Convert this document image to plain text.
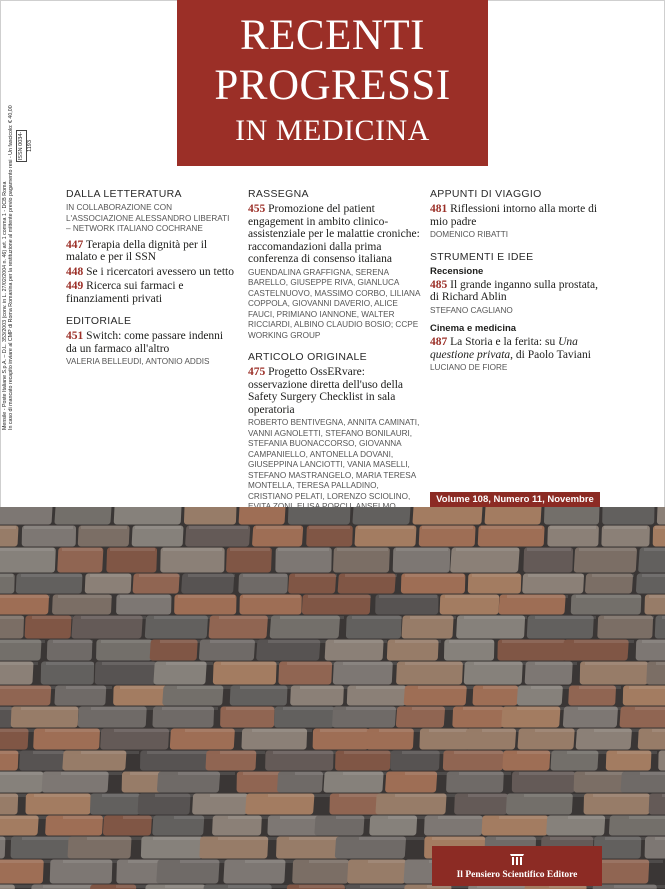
RECENTI
PROGRESSI
IN MEDICINA
Mensile - Poste Italiane S.p.A. – D.L. 353/2003 (conv. in L. 27/02/2004 n. 46) art. 1 comma 1 - DCB Roma In caso di mancato recapito inviare al CMP di Roma Romanina per la restituzione al mittente previo pagamento resi - Un fascicolo: € 40,00 ISSN 0034-1193
DALLA LETTERATURA
IN COLLABORAZIONE CON L'ASSOCIAZIONE ALESSANDRO LIBERATI – NETWORK ITALIANO COCHRANE
447 Terapia della dignità per il malato e per il SSN
448 Se i ricercatori avessero un tetto
449 Ricerca sui farmaci e finanziamenti privati
EDITORIALE
451 Switch: come passare indenni da un farmaco all'altro
VALERIA BELLEUDI, ANTONIO ADDIS
RASSEGNA
455 Promozione del patient engagement in ambito clinico-assistenziale per le malattie croniche: raccomandazioni dalla prima conferenza di consenso italiana
GUENDALINA GRAFFIGNA, SERENA BARELLO, GIUSEPPE RIVA, GIANLUCA CASTELNUOVO, MASSIMO CORBO, LILIANA COPPOLA, GIOVANNI DAVERIO, ALICE FAUCI, PRIMIANO IANNONE, WALTER RICCIARDI, ALBINO CLAUDIO BOSIO; CCPE WORKING GROUP
ARTICOLO ORIGINALE
475 Progetto OssERvare: osservazione diretta dell'uso della Safety Surgery Checklist in sala operatoria
ROBERTO BENTIVEGNA, ANNITA CAMINATI, VANNI AGNOLETTI, STEFANO BONILAURI, STEFANIA BUONACCORSO, GIOVANNA CAMPANIELLO, ANTONELLA DOVANI, GIUSEPPINA LANCIOTTI, VANIA MASELLI, STEFANO MASTRANGELO, MARIA TERESA MONTELLA, TERESA PALLADINO, CRISTIANO PELATI, LORENZO SCIOLINO,
APPUNTI DI VIAGGIO
481 Riflessioni intorno alla morte di mio padre
DOMENICO RIBATTI
STRUMENTI E IDEE
Recensione
485 Il grande inganno sulla prostata, di Richard Ablin
STEFANO CAGLIANO
Cinema e medicina
487 La Storia e la ferita: su Una questione privata, di Paolo Taviani
LUCIANO DE FIORE
Volume 108, Numero 11, Novembre
Il Pensiero Scientifico Editore
